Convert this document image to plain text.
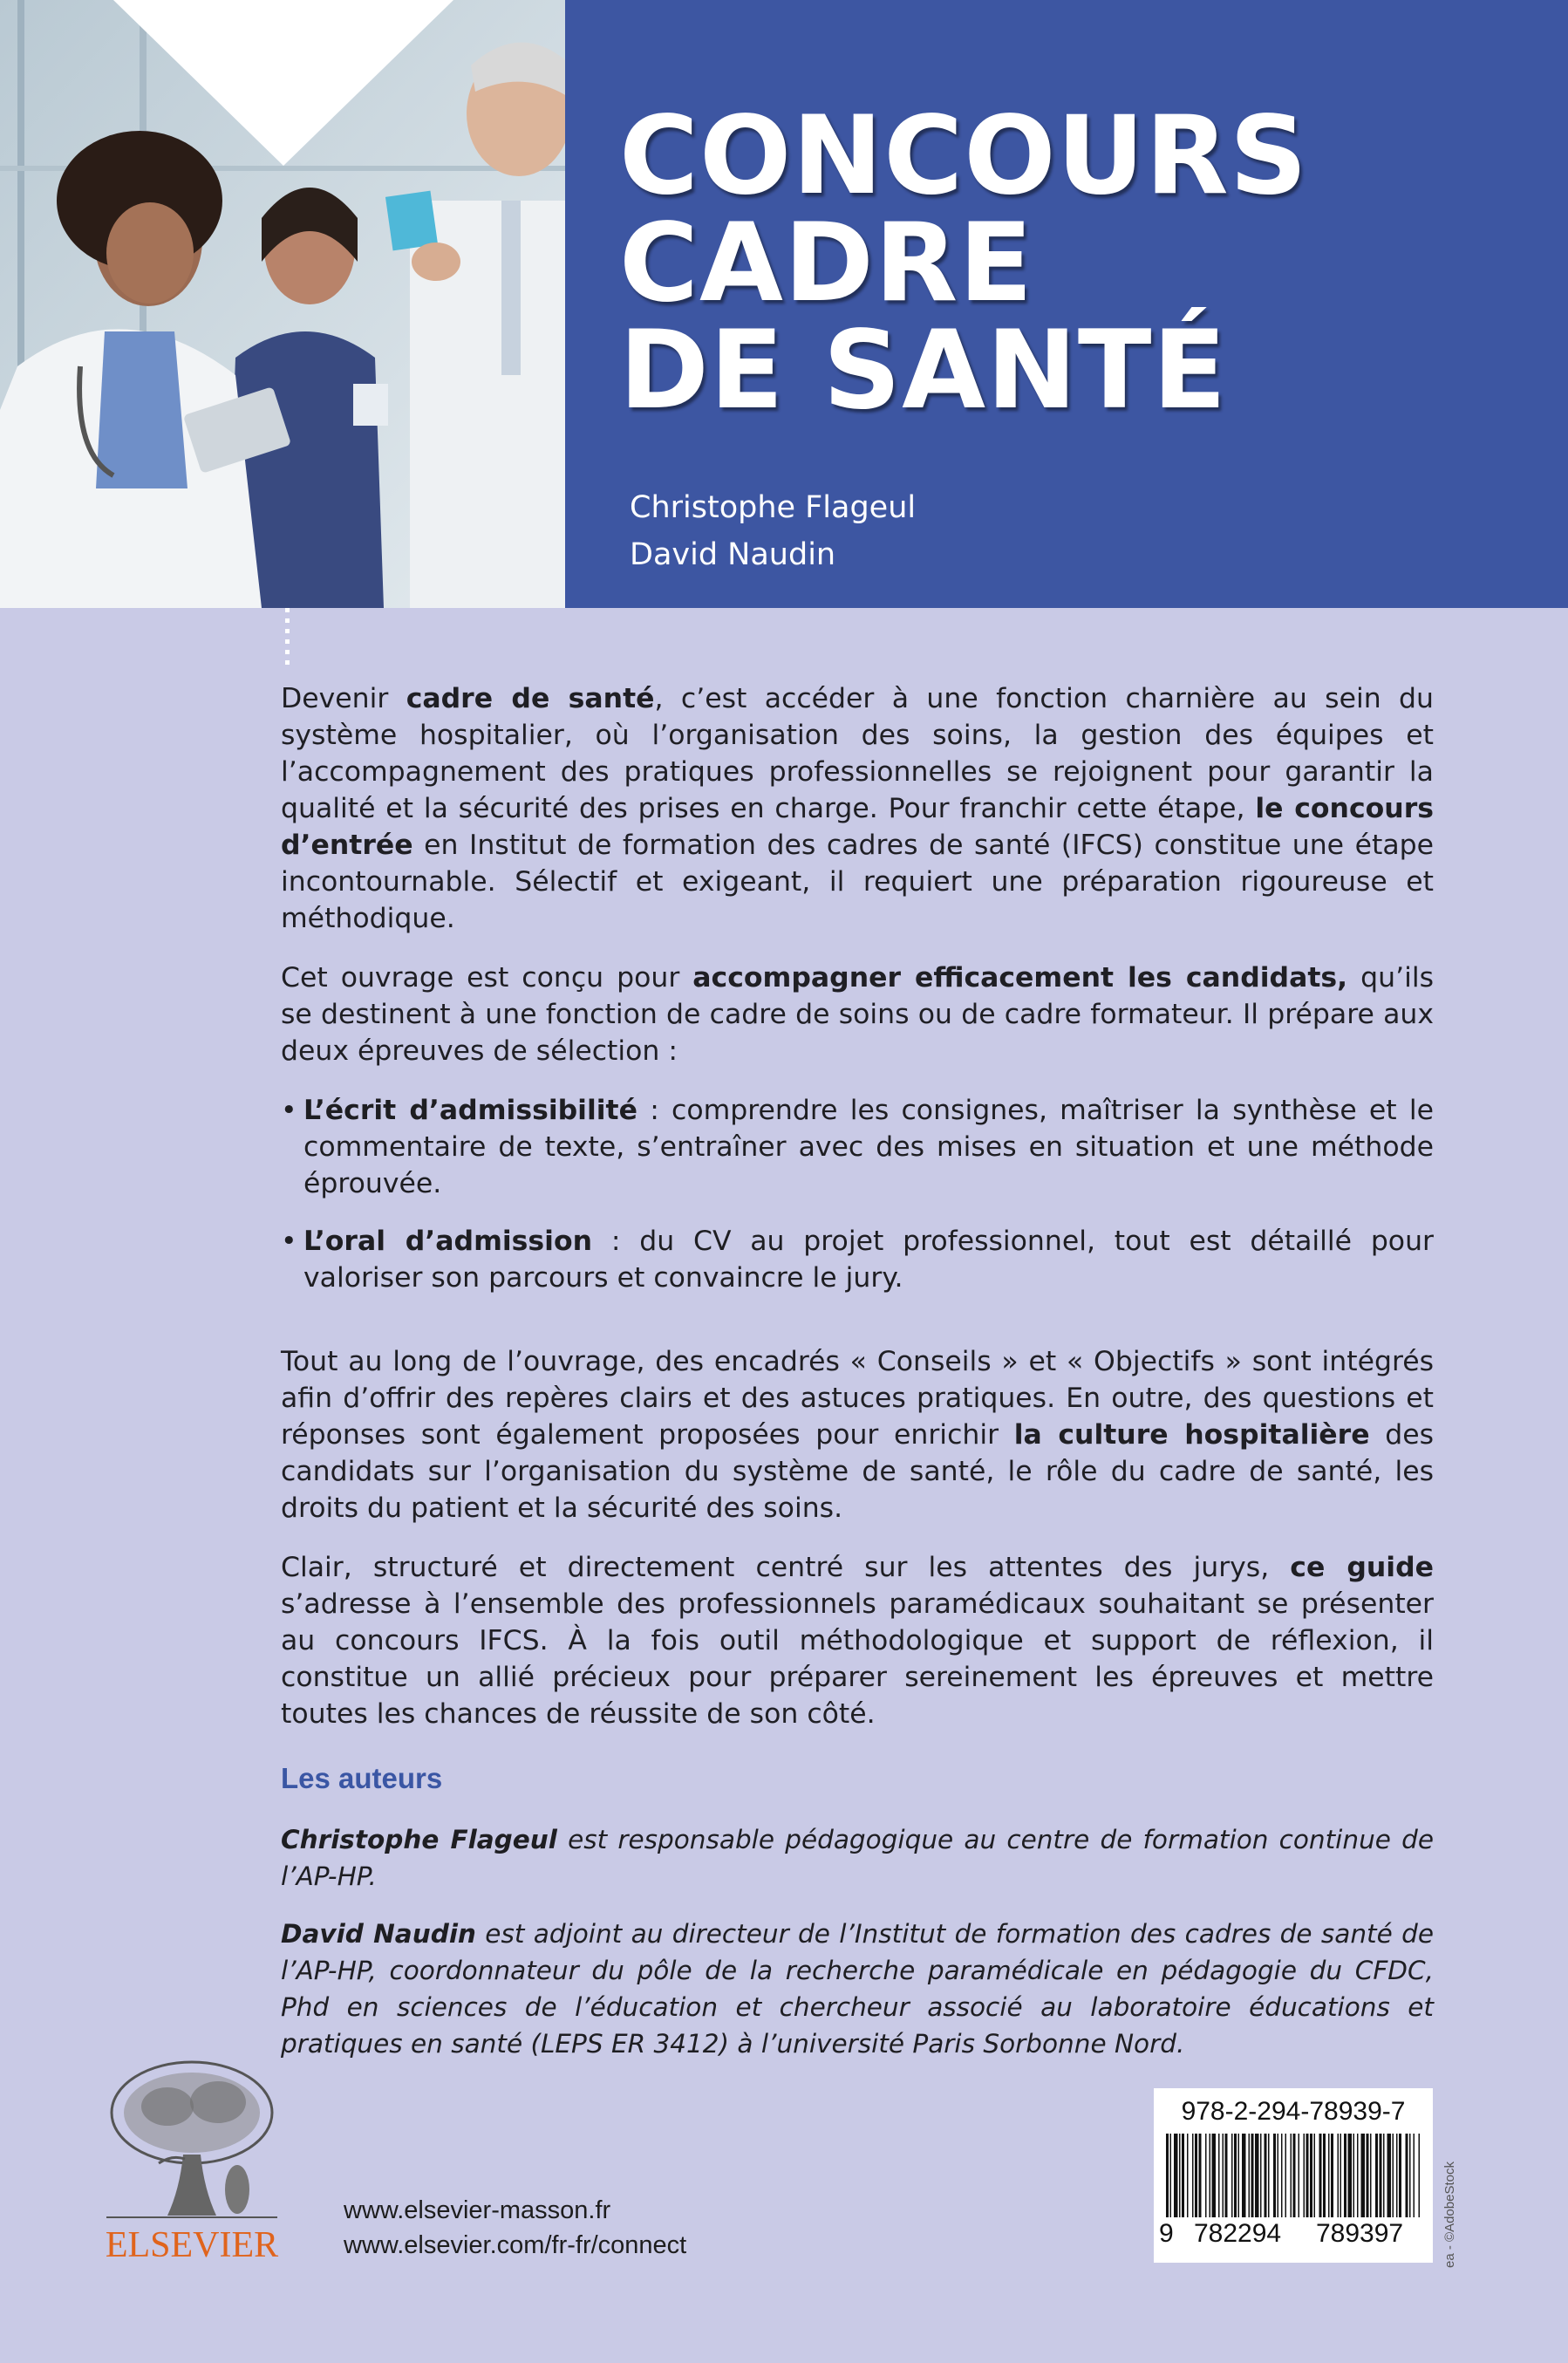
CONCOURS
CADRE
DE SANTÉ
Christophe Flageul
David Naudin

Devenir cadre de santé, c’est accéder à une fonction charnière au sein du système hospitalier, où l’organisation des soins, la gestion des équipes et l’accompagnement des pratiques professionnelles se rejoignent pour garantir la qualité et la sécurité des prises en charge. Pour franchir cette étape, le concours d’entrée en Institut de formation des cadres de santé (IFCS) constitue une étape incontournable. Sélectif et exigeant, il requiert une préparation rigoureuse et méthodique.

Cet ouvrage est conçu pour accompagner efficacement les candidats, qu’ils se destinent à une fonction de cadre de soins ou de cadre formateur. Il prépare aux deux épreuves de sélection :

• L’écrit d’admissibilité : comprendre les consignes, maîtriser la synthèse et le commentaire de texte, s’entraîner avec des mises en situation et une méthode éprouvée.
• L’oral d’admission : du CV au projet professionnel, tout est détaillé pour valoriser son parcours et convaincre le jury.

Tout au long de l’ouvrage, des encadrés « Conseils » et « Objectifs » sont intégrés afin d’offrir des repères clairs et des astuces pratiques. En outre, des questions et réponses sont également proposées pour enrichir la culture hospitalière des candidats sur l’organisation du système de santé, le rôle du cadre de santé, les droits du patient et la sécurité des soins.

Clair, structuré et directement centré sur les attentes des jurys, ce guide s’adresse à l’ensemble des professionnels paramédicaux souhaitant se présenter au concours IFCS. À la fois outil méthodologique et support de réflexion, il constitue un allié précieux pour préparer sereinement les épreuves et mettre toutes les chances de réussite de son côté.

Les auteurs

Christophe Flageul est responsable pédagogique au centre de formation continue de l’AP-HP.

David Naudin est adjoint au directeur de l’Institut de formation des cadres de santé de l’AP-HP, coordonnateur du pôle de la recherche paramédicale en pédagogie du CFDC, Phd en sciences de l’éducation et chercheur associé au laboratoire éducations et pratiques en santé (LEPS ER 3412) à l’université Paris Sorbonne Nord.

ELSEVIER
www.elsevier-masson.fr
www.elsevier.com/fr-fr/connect
978-2-294-78939-7
9 782294 789397	ea - ©AdobeStock
